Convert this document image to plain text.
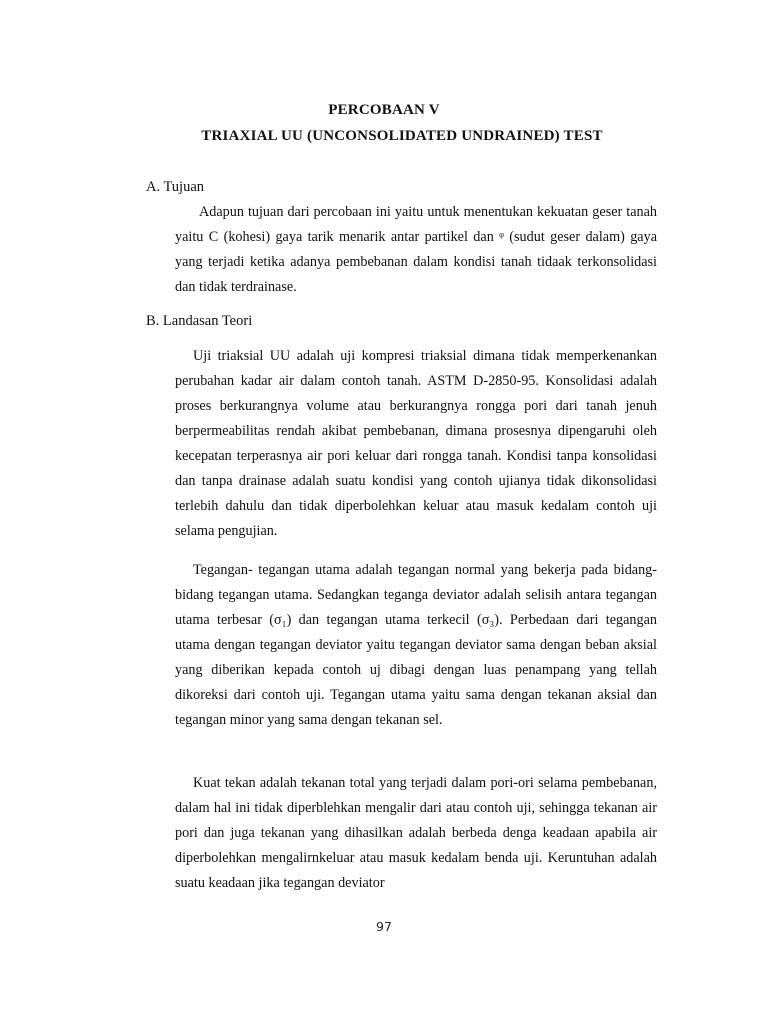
PERCOBAAN V
TRIAXIAL UU (UNCONSOLIDATED UNDRAINED) TEST
A. Tujuan

Adapun tujuan dari percobaan ini yaitu untuk menentukan kekuatan geser tanah yaitu C (kohesi) gaya tarik menarik antar partikel dan ᵠ (sudut geser dalam) gaya yang terjadi ketika adanya pembebanan dalam kondisi tanah tidaak terkonsolidasi dan tidak terdrainase.

B. Landasan Teori

Uji triaksial UU adalah uji kompresi triaksial dimana tidak memperkenankan perubahan kadar air dalam contoh tanah. ASTM D-2850-95. Konsolidasi adalah proses berkurangnya volume atau berkurangnya rongga pori dari tanah jenuh berpermeabilitas rendah akibat pembebanan, dimana prosesnya dipengaruhi oleh kecepatan terperasnya air pori keluar dari rongga tanah. Kondisi tanpa konsolidasi dan tanpa drainase adalah suatu kondisi yang contoh ujianya tidak dikonsolidasi terlebih dahulu dan tidak diperbolehkan keluar atau masuk kedalam contoh uji selama pengujian.

Tegangan- tegangan utama adalah tegangan normal yang bekerja pada bidang- bidang tegangan utama. Sedangkan teganga deviator adalah selisih antara tegangan utama terbesar (σ₁) dan tegangan utama terkecil (σ₃). Perbedaan dari tegangan utama dengan tegangan deviator yaitu tegangan deviator sama dengan beban aksial yang diberikan kepada contoh uj dibagi dengan luas penampang yang tellah dikoreksi dari contoh uji. Tegangan utama yaitu sama dengan tekanan aksial dan tegangan minor yang sama dengan tekanan sel.

Kuat tekan adalah tekanan total yang terjadi dalam pori-ori selama pembebanan, dalam hal ini tidak diperblehkan mengalir dari atau contoh uji, sehingga tekanan air pori dan juga tekanan yang dihasilkan adalah berbeda denga keadaan apabila air diperbolehkan mengalirnkeluar atau masuk kedalam benda uji. Keruntuhan adalah suatu keadaan jika tegangan deviator

97
